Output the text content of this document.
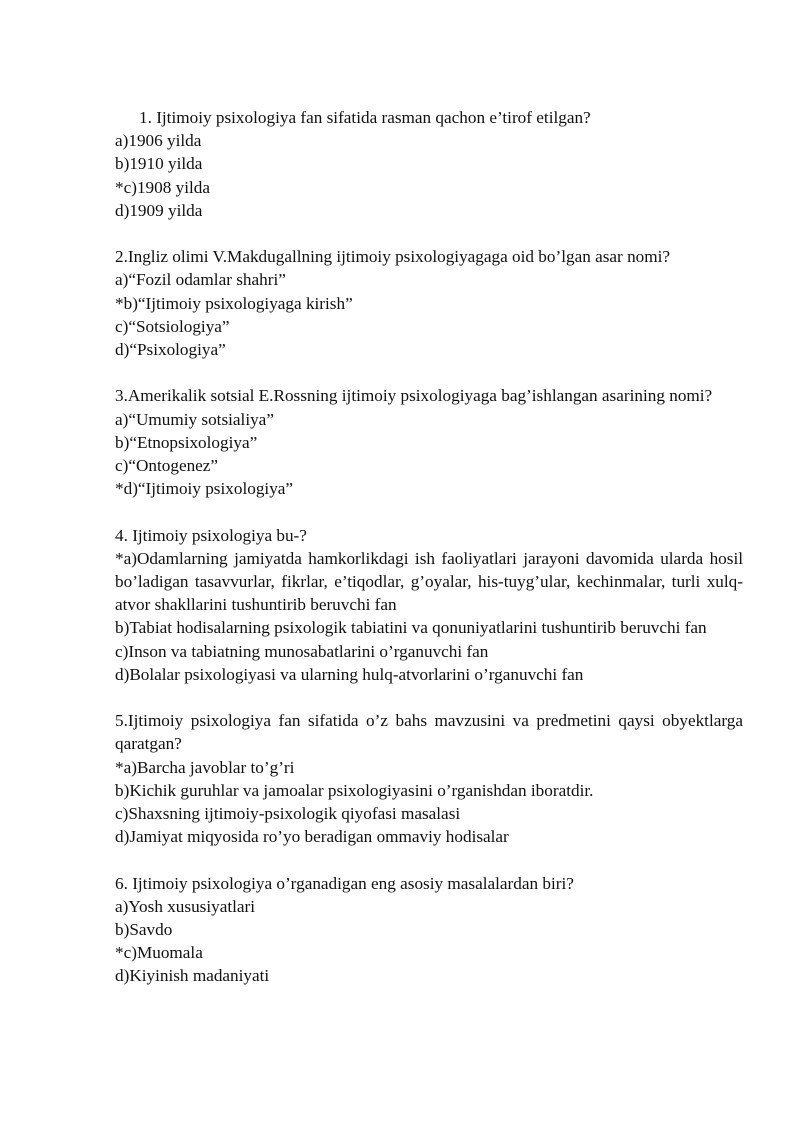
1. Ijtimoiy psixologiya fan sifatida rasman qachon e’tirof etilgan?

a)1906 yilda

b)1910 yilda

*c)1908 yilda

d)1909 yilda

2.Ingliz olimi V.Makdugallning ijtimoiy psixologiyagaga oid bo’lgan asar nomi?

a)“Fozil odamlar shahri”

*b)“Ijtimoiy psixologiyaga kirish”

c)“Sotsiologiya”

d)“Psixologiya”

3.Amerikalik sotsial E.Rossning ijtimoiy psixologiyaga bag’ishlangan asarining nomi?

a)“Umumiy sotsialiya”

b)“Etnopsixologiya”

c)“Ontogenez”

*d)“Ijtimoiy psixologiya”

4. Ijtimoiy psixologiya bu-?

*a)Odamlarning jamiyatda hamkorlikdagi ish faoliyatlari jarayoni davomida ularda hosil bo’ladigan tasavvurlar, fikrlar, e’tiqodlar, g’oyalar, his-tuyg’ular, kechinmalar, turli xulq-atvor shakllarini tushuntirib beruvchi fan

b)Tabiat hodisalarning psixologik tabiatini va qonuniyatlarini tushuntirib beruvchi fan

c)Inson va tabiatning munosabatlarini o’rganuvchi fan

d)Bolalar psixologiyasi va ularning hulq-atvorlarini o’rganuvchi fan

5.Ijtimoiy psixologiya fan sifatida o’z bahs mavzusini va predmetini qaysi obyektlarga qaratgan?

*a)Barcha javoblar to’g’ri

b)Kichik guruhlar va jamoalar psixologiyasini o’rganishdan iboratdir.

c)Shaxsning ijtimoiy-psixologik qiyofasi masalasi

d)Jamiyat miqyosida ro’yo beradigan ommaviy hodisalar

6. Ijtimoiy psixologiya o’rganadigan eng asosiy masalalardan biri?

a)Yosh xususiyatlari

b)Savdo

*c)Muomala

d)Kiyinish madaniyati
